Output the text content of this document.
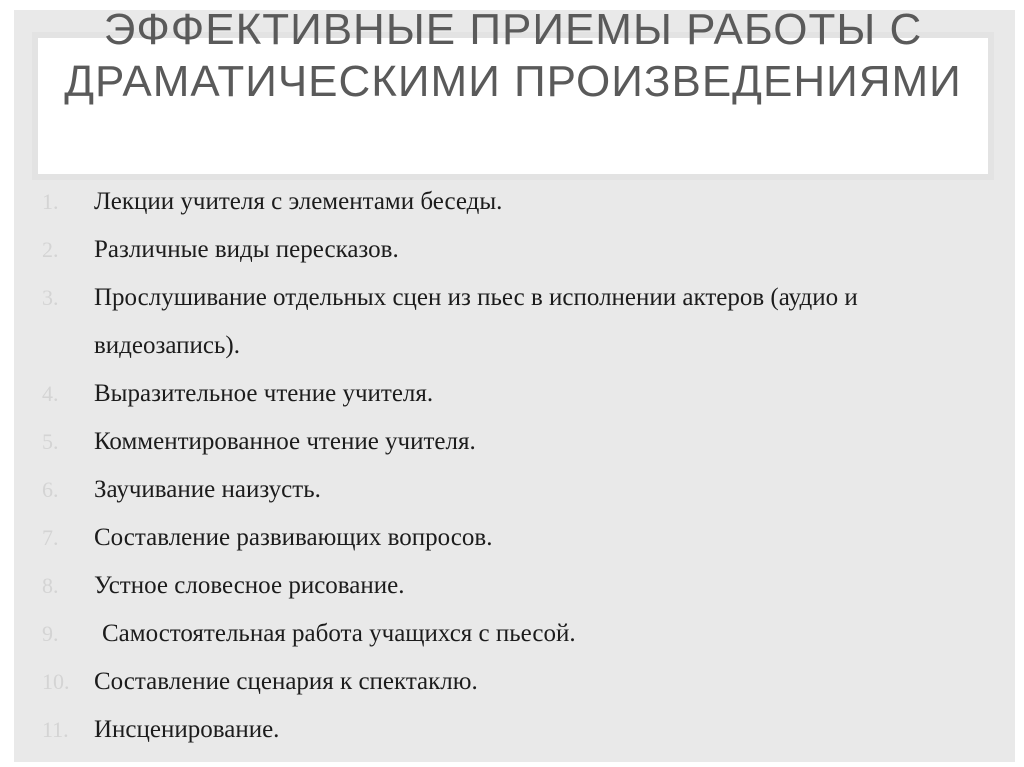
ЭФФЕКТИВНЫЕ ПРИЕМЫ РАБОТЫ С ДРАМАТИЧЕСКИМИ ПРОИЗВЕДЕНИЯМИ
1.	Лекции учителя с элементами беседы.
2.	Различные виды пересказов.
3.	Прослушивание отдельных сцен из пьес в исполнении актеров (аудио и видеозапись).
4.	Выразительное чтение учителя.
5.	Комментированное чтение учителя.
6.	Заучивание наизусть.
7.	Составление развивающих вопросов.
8.	Устное словесное рисование.
9.	Самостоятельная работа учащихся с пьесой.
10. Составление сценария к спектаклю.
11.	Инсценирование.
